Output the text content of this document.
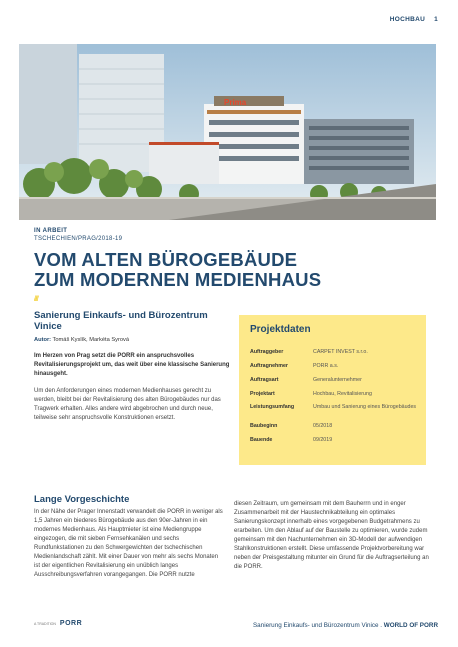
HOCHBAU 1
Prima
IN ARBEIT
TSCHECHIEN/PRAG/2018-19
VOM ALTEN BÜROGEBÄUDE ZUM MODERNEN MEDIENHAUS
////
Sanierung Einkaufs- und Bürozentrum Vinice
Autor: Tomáš Kyslík, Markéta Syrová
Im Herzen von Prag setzt die PORR ein anspruchsvolles Revitalisierungsprojekt um, das weit über eine klassische Sanierung hinausgeht.
Um den Anforderungen eines modernen Medienhauses gerecht zu werden, bleibt bei der Revitalisierung des alten Bürogebäudes nur das Tragwerk erhalten. Alles andere wird abgebrochen und durch neue, teilweise sehr anspruchsvolle Konstruktionen ersetzt.
Projektdaten
Auftraggeber	CARPET INVEST s.r.o.
Auftragnehmer	PORR a.s.
Auftragsart	Generalunternehmer
Projektart	Hochbau, Revitalisierung
Leistungsumfang	Umbau und Sanierung eines Bürogebäudes
Baubeginn	05/2018
Bauende	09/2019
Lange Vorgeschichte
In der Nähe der Prager Innenstadt verwandelt die PORR in weniger als 1,5 Jahren ein biederes Bürogebäude aus den 90er-Jahren in ein modernes Medienhaus. Als Hauptmieter ist eine Mediengruppe eingezogen, die mit sieben Fernsehkanälen und sechs Rundfunkstationen zu den Schwergewichten der tschechischen Medienlandschaft zählt. Mit einer Dauer von mehr als sechs Monaten ist der eigentlichen Revitalisierung ein unüblich langes Ausschreibungsverfahren vorangegangen. Die PORR nutzte
diesen Zeitraum, um gemeinsam mit dem Bauherrn und in enger Zusammenarbeit mit der Haustechnikabteilung ein optimales Sanierungskonzept innerhalb eines vorgegebenen Budgetrahmens zu erarbeiten. Um den Ablauf auf der Baustelle zu optimieren, wurde zudem gemeinsam mit den Nachunternehmen ein 3D-Modell der aufwendigen Stahlkonstruktionen erstellt. Diese umfassende Projektvorbereitung war neben der Preisgestaltung mitunter ein Grund für die Auftragserteilung an die PORR.
A TRADITION PORR	Sanierung Einkaufs- und Bürozentrum Vinice . WORLD OF PORR
